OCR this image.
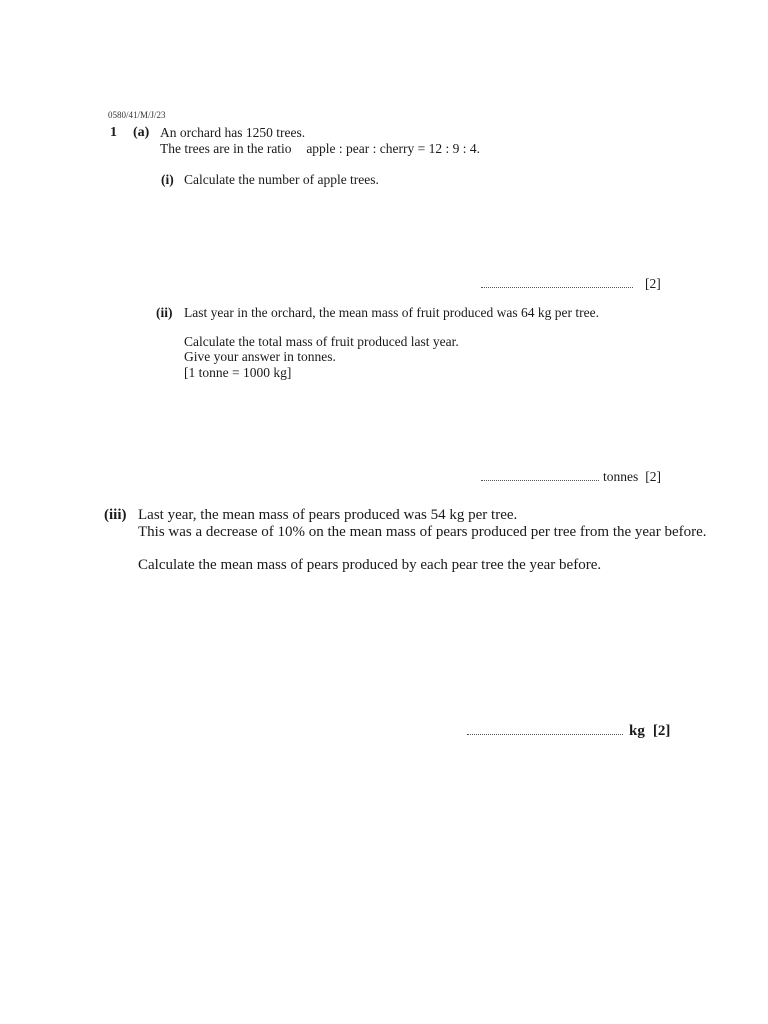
0580/41/M/J/23
1 (a) An orchard has 1250 trees.
The trees are in the ratio apple : pear : cherry = 12 : 9 : 4.
(i) Calculate the number of apple trees.
[2]
(ii) Last year in the orchard, the mean mass of fruit produced was 64 kg per tree.
Calculate the total mass of fruit produced last year.
Give your answer in tonnes.
[1 tonne = 1000 kg]
tonnes [2]
(iii) Last year, the mean mass of pears produced was 54 kg per tree.
This was a decrease of 10% on the mean mass of pears produced per tree from the year before.
Calculate the mean mass of pears produced by each pear tree the year before.
kg [2]
